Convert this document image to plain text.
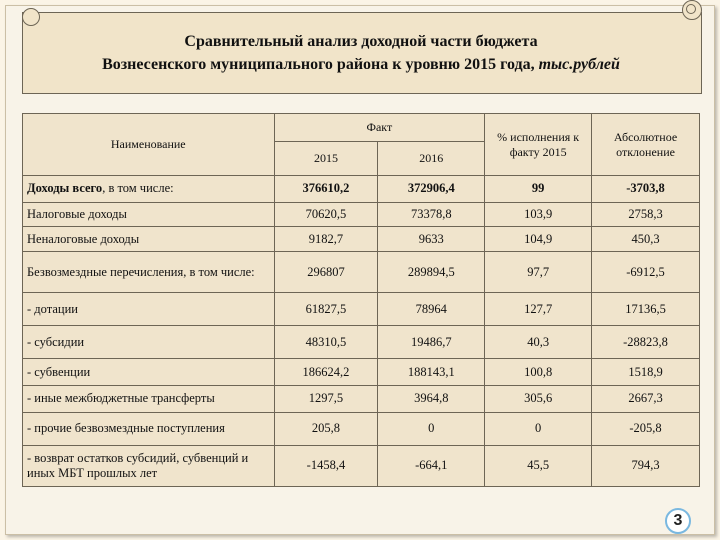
Сравнительный анализ доходной части бюджета
Вознесенского муниципального района к уровню 2015 года, тыс.рублей
Наименование	Факт		% исполнения к факту 2015	Абсолютное отклонение
	2015	2016		
Доходы всего, в том числе:	376610,2	372906,4	99	-3703,8
Налоговые доходы	70620,5	73378,8	103,9	2758,3
Неналоговые доходы	9182,7	9633	104,9	450,3
Безвозмездные перечисления, в том числе:	296807	289894,5	97,7	-6912,5
- дотации	61827,5	78964	127,7	17136,5
- субсидии	48310,5	19486,7	40,3	-28823,8
- субвенции	186624,2	188143,1	100,8	1518,9
- иные межбюджетные трансферты	1297,5	3964,8	305,6	2667,3
- прочие безвозмездные поступления	205,8	0	0	-205,8
- возврат остатков субсидий, субвенций и иных МБТ прошлых лет	-1458,4	-664,1	45,5	794,3
3
